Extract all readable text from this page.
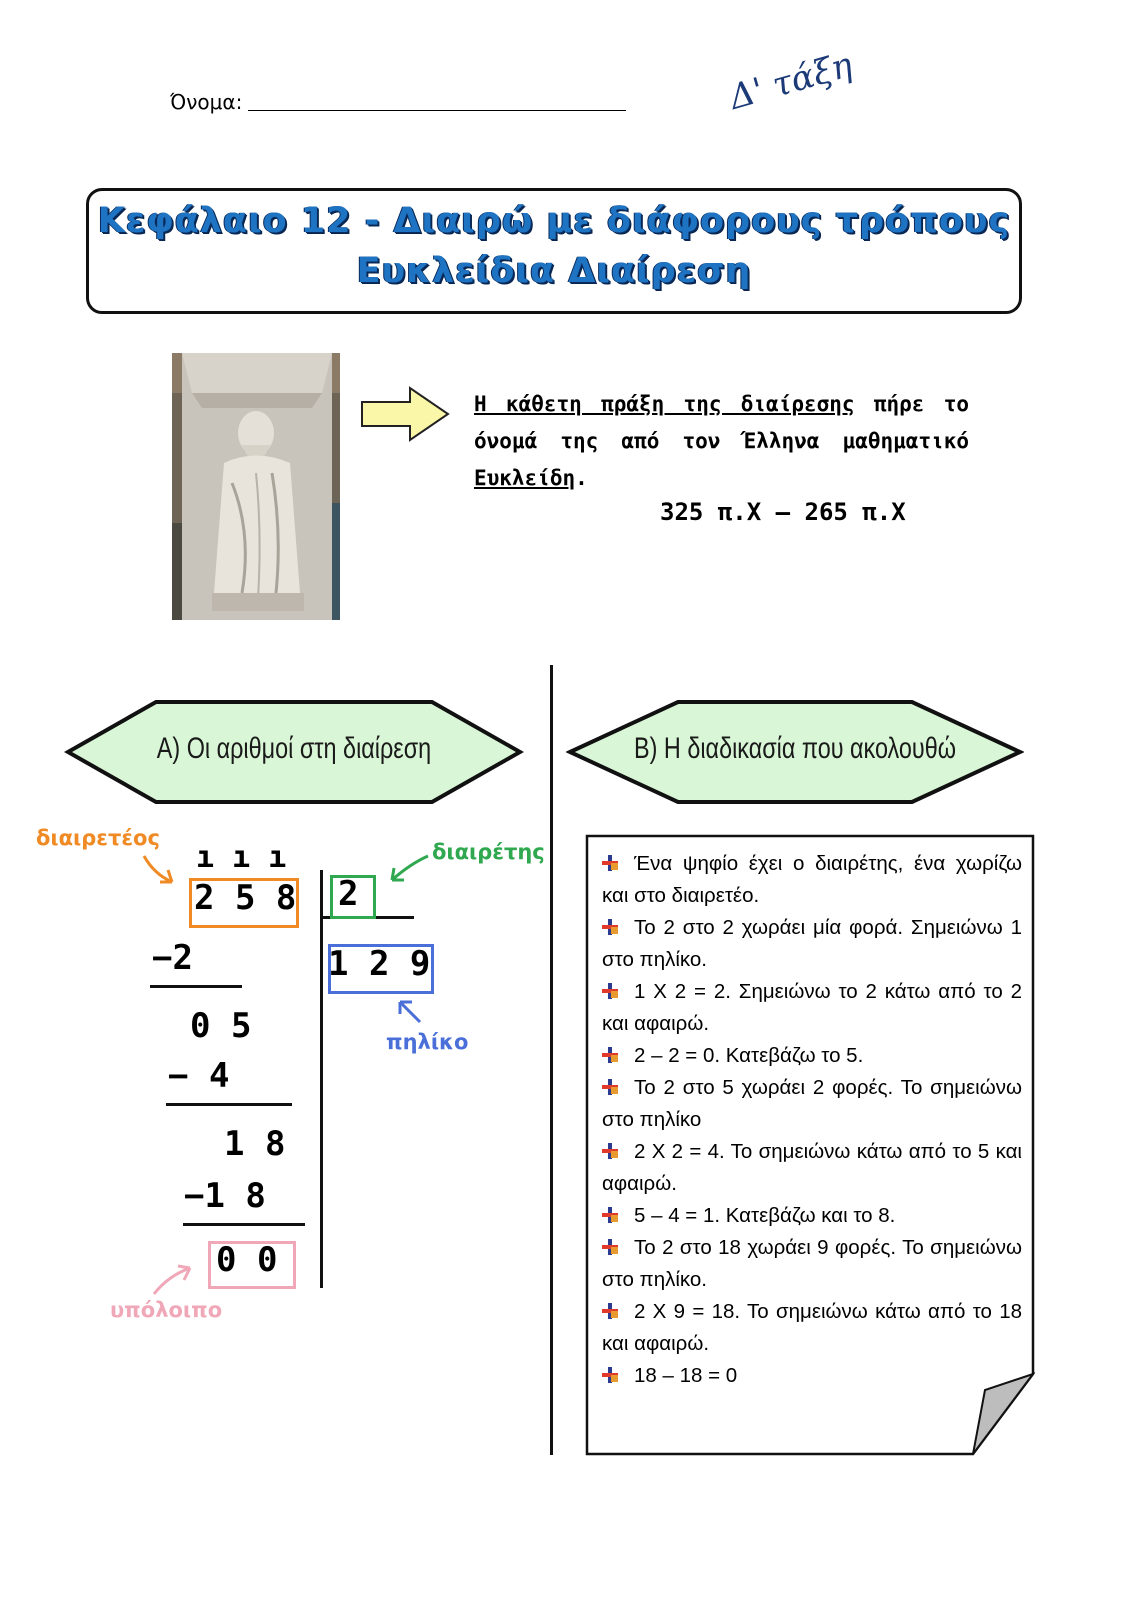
Όνομα:	Δ' τάξη
Κεφάλαιο 12 - Διαιρώ με διάφορους τρόπους
Ευκλείδια Διαίρεση
Η κάθετη πράξη της διαίρεσης πήρε το όνομά της από τον Έλληνα μαθηματικό Ευκλείδη.
325 π.Χ – 265 π.Χ
Α) Οι αριθμοί στη διαίρεση	Β) Η διαδικασία που ακολουθώ
διαιρετέος
ı ı ı
2 5 8
−2
0 5
− 4
1 8
−1 8
0 0
υπόλοιπο
2
διαιρέτης
1 2 9
πηλίκο

Ένα ψηφίο έχει ο διαιρέτης, ένα χωρίζω και στο διαιρετέο.

Το 2 στο 2 χωράει μία φορά. Σημειώνω 1 στο πηλίκο.

1 Χ 2 = 2. Σημειώνω το 2 κάτω από το 2 και αφαιρώ.

2 – 2 = 0. Κατεβάζω το 5.

Το 2 στο 5 χωράει 2 φορές. Το σημειώνω στο πηλίκο

2 Χ 2 = 4. Το σημειώνω κάτω από το 5 και αφαιρώ.

5 – 4 = 1. Κατεβάζω και το 8.

Το 2 στο 18 χωράει 9 φορές. Το σημειώνω στο πηλίκο.

2 Χ 9 = 18. Το σημειώνω κάτω από το 18 και αφαιρώ.

18 – 18 = 0
